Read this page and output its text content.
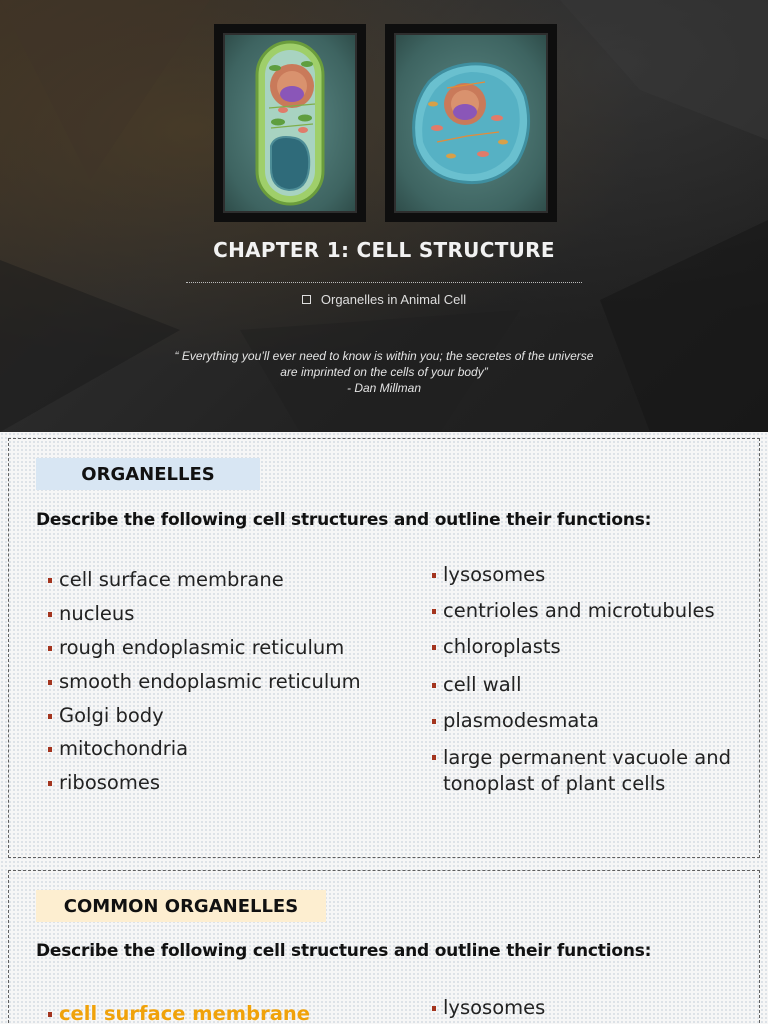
CHAPTER 1: CELL STRUCTURE
Organelles in Animal Cell
“ Everything you’ll ever need to know is within you; the secretes of the universe
are imprinted on the cells of your body”
- Dan Millman
ORGANELLES
Describe the following cell structures and outline their functions:
cell surface membrane
nucleus
rough endoplasmic reticulum
smooth endoplasmic reticulum
Golgi body
mitochondria
ribosomes
lysosomes
centrioles and microtubules
chloroplasts
cell wall
plasmodesmata
large permanent vacuole and tonoplast of plant cells
COMMON ORGANELLES
Describe the following cell structures and outline their functions:
cell surface membrane	lysosomes
